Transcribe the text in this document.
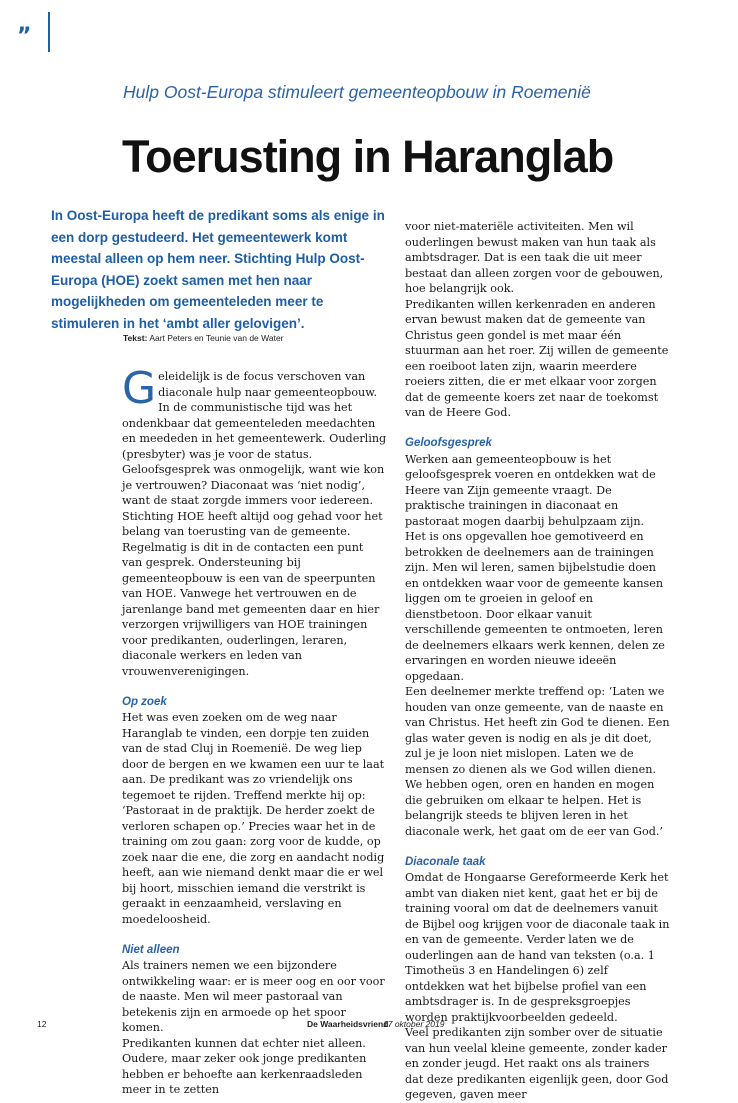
”
Hulp Oost-Europa stimuleert gemeenteopbouw in Roemenië
Toerusting in Haranglab
In Oost-Europa heeft de predikant soms als enige in een dorp gestudeerd. Het gemeentewerk komt meestal alleen op hem neer. Stichting Hulp Oost-Europa (HOE) zoekt samen met hen naar mogelijkheden om gemeenteleden meer te stimuleren in het ‘ambt aller gelovigen’.
Tekst: Aart Peters en Teunie van de Water

Geleidelijk is de focus verschoven van diaconale hulp naar gemeenteopbouw. In de communistische tijd was het ondenkbaar dat gemeenteleden meedachten en meededen in het gemeentewerk. Ouderling (presbyter) was je voor de status. Geloofsgesprek was onmogelijk, want wie kon je vertrouwen? Diaconaat was ‘niet nodig’, want de staat zorgde immers voor iedereen. Stichting HOE heeft altijd oog gehad voor het belang van toerusting van de gemeente. Regelmatig is dit in de contacten een punt van gesprek. Ondersteuning bij gemeenteopbouw is een van de speerpunten van HOE. Vanwege het vertrouwen en de jarenlange band met gemeenten daar en hier verzorgen vrijwilligers van HOE trainingen voor predikanten, ouderlingen, leraren, diaconale werkers en leden van vrouwenverenigingen.

Op zoek

Het was even zoeken om de weg naar Haranglab te vinden, een dorpje ten zuiden van de stad Cluj in Roemenië. De weg liep door de bergen en we kwamen een uur te laat aan. De predikant was zo vriendelijk ons tegemoet te rijden. Treffend merkte hij op: ‘Pastoraat in de praktijk. De herder zoekt de verloren schapen op.’ Precies waar het in de training om zou gaan: zorg voor de kudde, op zoek naar die ene, die zorg en aandacht nodig heeft, aan wie niemand denkt maar die er wel bij hoort, misschien iemand die verstrikt is geraakt in eenzaamheid, verslaving en moedeloosheid.

Niet alleen

Als trainers nemen we een bijzondere ontwikkeling waar: er is meer oog en oor voor de naaste. Men wil meer pastoraal van betekenis zijn en armoede op het spoor komen.

Predikanten kunnen dat echter niet alleen. Oudere, maar zeker ook jonge predikanten hebben er behoefte aan kerkenraadsleden meer in te zetten

voor niet-materiële activiteiten. Men wil ouderlingen bewust maken van hun taak als ambtsdrager. Dat is een taak die uit meer bestaat dan alleen zorgen voor de gebouwen, hoe belangrijk ook.

Predikanten willen kerkenraden en anderen ervan bewust maken dat de gemeente van Christus geen gondel is met maar één stuurman aan het roer. Zij willen de gemeente een roeiboot laten zijn, waarin meerdere roeiers zitten, die er met elkaar voor zorgen dat de gemeente koers zet naar de toekomst van de Heere God.

Geloofsgesprek

Werken aan gemeenteopbouw is het geloofsgesprek voeren en ontdekken wat de Heere van Zijn gemeente vraagt. De praktische trainingen in diaconaat en pastoraat mogen daarbij behulpzaam zijn.

Het is ons opgevallen hoe gemotiveerd en betrokken de deelnemers aan de trainingen zijn. Men wil leren, samen bijbelstudie doen en ontdekken waar voor de gemeente kansen liggen om te groeien in geloof en dienstbetoon. Door elkaar vanuit verschillende gemeenten te ontmoeten, leren de deelnemers elkaars werk kennen, delen ze ervaringen en worden nieuwe ideeën opgedaan.

Een deelnemer merkte treffend op: ‘Laten we houden van onze gemeente, van de naaste en van Christus. Het heeft zin God te dienen. Een glas water geven is nodig en als je dit doet, zul je je loon niet mislopen. Laten we de mensen zo dienen als we God willen dienen. We hebben ogen, oren en handen en mogen die gebruiken om elkaar te helpen. Het is belangrijk steeds te blijven leren in het diaconale werk, het gaat om de eer van God.’

Diaconale taak

Omdat de Hongaarse Gereformeerde Kerk het ambt van diaken niet kent, gaat het er bij de training vooral om dat de deelnemers vanuit de Bijbel oog krijgen voor de diaconale taak in en van de gemeente. Verder laten we de ouderlingen aan de hand van teksten (o.a. 1 Timotheüs 3 en Handelingen 6) zelf ontdekken wat het bijbelse profiel van een ambtsdrager is. In de gespreksgroepjes worden praktijkvoorbeelden gedeeld.

Veel predikanten zijn somber over de situatie van hun veelal kleine gemeente, zonder kader en zonder jeugd. Het raakt ons als trainers dat deze predikanten eigenlijk geen, door God gegeven, gaven meer

12	De Waarheidsvriend
17 oktober 2019
